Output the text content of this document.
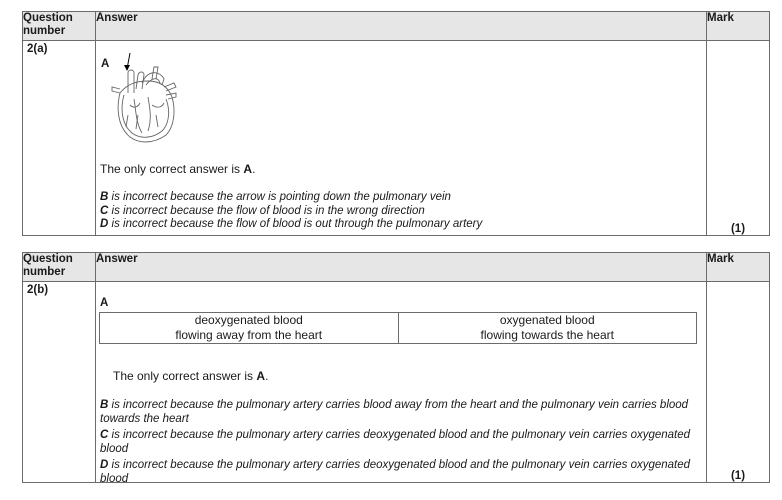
Question number	Answer	Mark
2(a)	A
The only correct answer is A.
B is incorrect because the arrow is pointing down the pulmonary vein
C is incorrect because the flow of blood is in the wrong direction
D is incorrect because the flow of blood is out through the pulmonary artery	(1)
Question number	Answer	Mark
2(b)	
A
deoxygenated blood
flowing away from the heart

oxygenated blood
flowing towards the heart
The only correct answer is A.
B is incorrect because the pulmonary artery carries blood away from the heart and the pulmonary vein carries blood towards the heart
C is incorrect because the pulmonary artery carries deoxygenated blood and the pulmonary vein carries oxygenated blood
D is incorrect because the pulmonary artery carries deoxygenated blood and the pulmonary vein carries oxygenated blood	(1)
